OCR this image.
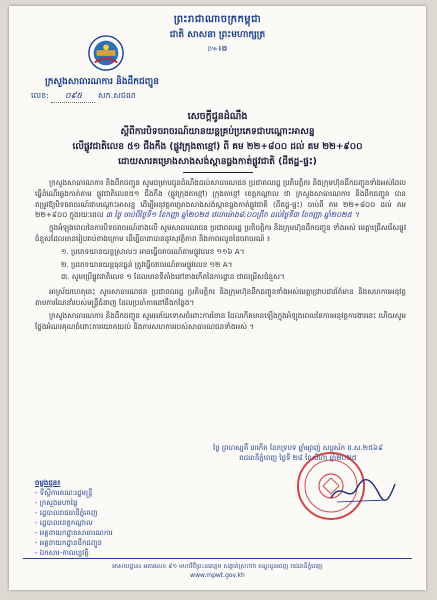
ព្រះរាជាណាចក្រកម្ពុជា
ជាតិ សាសនា ព្រះមហាក្សត្រ
៚៛៙
ក្រសួងសាធារណការ និងដឹកជញ្ជូន
លេខ: ០៩៥ សក.សជណ
សេចក្ដីជូនដំណឹង
ស្ដីពីការបិទចរាចរណ៍យានយន្ដគ្រប់ប្រភេទជាបណ្ដោះអាសន្ន
លើផ្លូវជាតិលេខ ៥១ ជឹងកឹង (ផ្លូវក្រុងតាខ្មៅ) ពី គម ២២+៨០០ ដល់ គម ២២+៩០០
ដោយសារគម្រោងសាងសង់ស្ពានធ្លងកាត់ផ្លូវជាតិ (ដីឥដ្ឋ-ផ្ទះ)

ក្រសួងសាធារណការ និងដឹកជញ្ជូន សូមជម្រាបជូនដំណឹងដល់សាធារណជន ប្រជាពលរដ្ឋ ប្រតិបត្តិករ និងក្រុមហ៊ុនដឹកជញ្ជូនទាំងអស់ដែលធ្វើដំណើរឆ្លងកាត់តាម ផ្លូវជាតិលេខ៥១ ជឹងកឹង (ផ្លូវក្រុងតាខ្មៅ) ក្រុងតាខ្មៅ ខេត្តកណ្ដាល ថា ក្រសួងសាធារណការ និងដឹកជញ្ជូន បានតម្រូវឱ្យបិទចរាចរណ៍ជាបណ្ដោះអាសន្ន ដើម្បីអនុវត្តគម្រោងសាងសង់ស្ពានធ្លងកាត់ផ្លូវជាតិ (ដីឥដ្ឋ-ផ្ទះ) ចាប់ពី គម ២២+៨០០ ដល់ គម ២២+៩០០ ក្នុងរយៈពេល ៣ ថ្ងៃ ចាប់ពីថ្ងៃទី១ ខែកញ្ញា ឆ្នាំ២០២៥ វេលាម៉ោង៨:០០ព្រឹក ដល់ថ្ងៃទី៣ ខែកញ្ញា ឆ្នាំ២០២៥ ។

ក្នុងអំឡុងពេលនៃការបិទចរាចរណ៍ខាងលើ សូមសាធារណជន ប្រជាពលរដ្ឋ ប្រតិបត្តិករ និងក្រុមហ៊ុនដឹកជញ្ជូន ទាំងអស់ មេត្តាជ្រើសរើសផ្លូវជំនួសដែលមានរៀបរាប់ខាងក្រោម ដើម្បីធានាបាននូវសុវត្ថិភាព និងភាពរលូននៃចរាចរណ៍ ៖

១. ប្រភេទយានយន្តស្រាលៗ អាចធ្វើចរាចរណ៍តាមផ្លូវលេខ ១១៦ A។
២. ប្រភេទយានយន្តធុនធ្ងន់ ត្រូវធ្វើចរាចរណ៍តាមផ្លូវលេខ ១២ A។
៣. សូមប្រើផ្លូវជាតិលេខ ១ ដែលមានទីតាំងនៅខាងកើតនៃការដ្ឋាន ជាជម្រើសជំនួស។

អាស្រ័យហេតុនេះ សូមសាធារណជន ប្រជាពលរដ្ឋ ប្រតិបត្តិករ និងក្រុមហ៊ុនដឹកជញ្ជូនទាំងអស់មេត្តាជ្រាបជាព័ត៌មាន និងសហការអនុវត្តតាមការណែនាំរបស់មន្ត្រីជំនាញ ដែលប្រចាំការនៅនឹងកន្លែង។

ក្រសួងសាធារណការ និងដឹកជញ្ជូន សូមអភ័យទោសចំពោះការរំខាន ដែលកើតមានឡើងក្នុងអំឡុងពេលនៃការអនុវត្តការងារនេះ ហើយសូមថ្លែងអំណរគុណចំពោះការយោគយល់ និងការសហការរបស់សាធារណជនទាំងអស់ ។

ថ្ងៃ ព្រហស្បតិ៍ ៣កើត ខែភទ្របទ ឆ្នាំម្សាញ់ សប្តស័ក ព.ស.២៥៦៩
រាជធានីភ្នំពេញ ថ្ងៃទី ២៨ ខែសីហា ឆ្នាំ២០២៥
ចម្លងជូន៖
- ទីស្ដីការគណៈរដ្ឋមន្ត្រី
- ក្រសួងមហាផ្ទៃ
- រដ្ឋបាលរាជធានីភ្នំពេញ
- រដ្ឋបាលខេត្តកណ្ដាល
- អគ្គនាយកដ្ឋានសាធារណការ
- អគ្គនាយកដ្ឋានដឹកជញ្ជូន
- ឯកសារ-កាលប្បវត្តិ
អាសយដ្ឋាន៖ អគារលេខ ៩១ មហាវិថីព្រះនរោត្តម សង្កាត់ស្រះចក ខណ្ឌដូនពេញ រាជធានីភ្នំពេញ
www.mpwt.gov.kh
